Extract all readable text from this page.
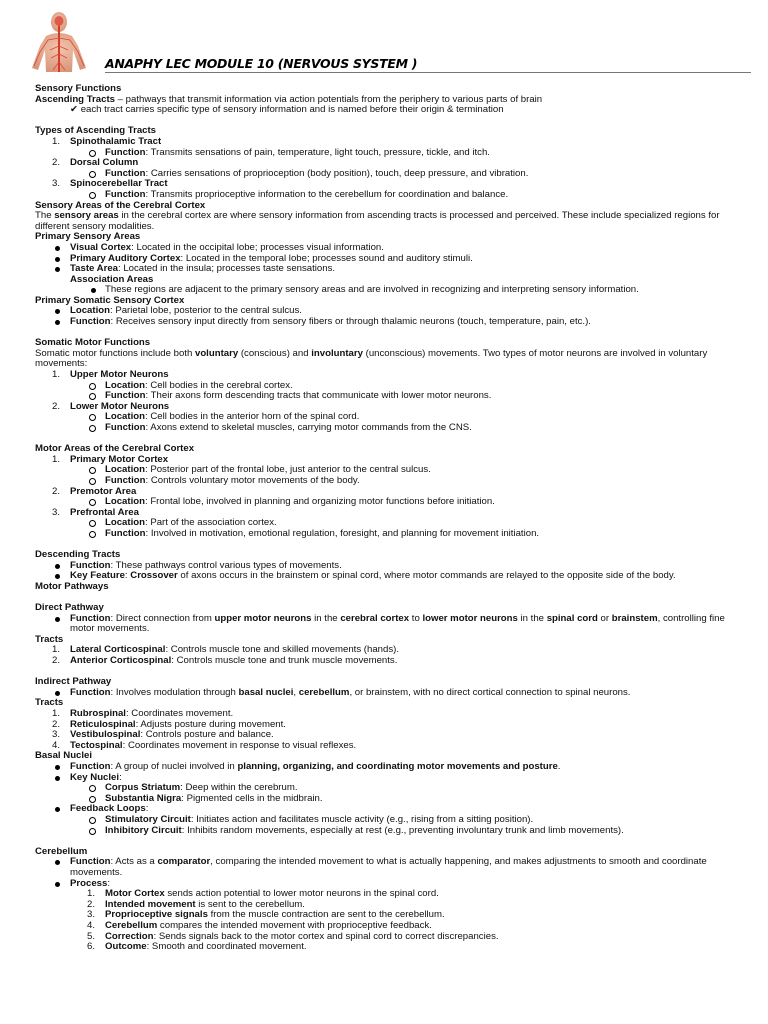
ANAPHY LEC MODULE 10 (NERVOUS SYSTEM )
Sensory Functions
Ascending Tracts – pathways that transmit information via action potentials from the periphery to various parts of brain
✔ each tract carries specific type of sensory information and is named before their origin & termination
Types of Ascending Tracts
1. Spinothalamic Tract
Function: Transmits sensations of pain, temperature, light touch, pressure, tickle, and itch.
2. Dorsal Column
Function: Carries sensations of proprioception (body position), touch, deep pressure, and vibration.
3. Spinocerebellar Tract
Function: Transmits proprioceptive information to the cerebellum for coordination and balance.
Sensory Areas of the Cerebral Cortex
The sensory areas in the cerebral cortex are where sensory information from ascending tracts is processed and perceived. These include specialized regions for different sensory modalities.
Primary Sensory Areas
Visual Cortex: Located in the occipital lobe; processes visual information.
Primary Auditory Cortex: Located in the temporal lobe; processes sound and auditory stimuli.
Taste Area: Located in the insula; processes taste sensations.
Association Areas
These regions are adjacent to the primary sensory areas and are involved in recognizing and interpreting sensory information.
Primary Somatic Sensory Cortex
Location: Parietal lobe, posterior to the central sulcus.
Function: Receives sensory input directly from sensory fibers or through thalamic neurons (touch, temperature, pain, etc.).
Somatic Motor Functions
Somatic motor functions include both voluntary (conscious) and involuntary (unconscious) movements. Two types of motor neurons are involved in voluntary movements:
1. Upper Motor Neurons
Location: Cell bodies in the cerebral cortex.
Function: Their axons form descending tracts that communicate with lower motor neurons.
2. Lower Motor Neurons
Location: Cell bodies in the anterior horn of the spinal cord.
Function: Axons extend to skeletal muscles, carrying motor commands from the CNS.
Motor Areas of the Cerebral Cortex
1. Primary Motor Cortex
Location: Posterior part of the frontal lobe, just anterior to the central sulcus.
Function: Controls voluntary motor movements of the body.
2. Premotor Area
Location: Frontal lobe, involved in planning and organizing motor functions before initiation.
3. Prefrontal Area
Location: Part of the association cortex.
Function: Involved in motivation, emotional regulation, foresight, and planning for movement initiation.
Descending Tracts
Function: These pathways control various types of movements.
Key Feature: Crossover of axons occurs in the brainstem or spinal cord, where motor commands are relayed to the opposite side of the body.
Motor Pathways
Direct Pathway
Function: Direct connection from upper motor neurons in the cerebral cortex to lower motor neurons in the spinal cord or brainstem, controlling fine motor movements.
Tracts
1. Lateral Corticospinal: Controls muscle tone and skilled movements (hands).
2. Anterior Corticospinal: Controls muscle tone and trunk muscle movements.
Indirect Pathway
Function: Involves modulation through basal nuclei, cerebellum, or brainstem, with no direct cortical connection to spinal neurons.
Tracts
1. Rubrospinal: Coordinates movement.
2. Reticulospinal: Adjusts posture during movement.
3. Vestibulospinal: Controls posture and balance.
4. Tectospinal: Coordinates movement in response to visual reflexes.
Basal Nuclei
Function: A group of nuclei involved in planning, organizing, and coordinating motor movements and posture.
Key Nuclei:
Corpus Striatum: Deep within the cerebrum.
Substantia Nigra: Pigmented cells in the midbrain.
Feedback Loops:
Stimulatory Circuit: Initiates action and facilitates muscle activity (e.g., rising from a sitting position).
Inhibitory Circuit: Inhibits random movements, especially at rest (e.g., preventing involuntary trunk and limb movements).
Cerebellum
Function: Acts as a comparator, comparing the intended movement to what is actually happening, and makes adjustments to smooth and coordinate movements.
Process:
1. Motor Cortex sends action potential to lower motor neurons in the spinal cord.
2. Intended movement is sent to the cerebellum.
3. Proprioceptive signals from the muscle contraction are sent to the cerebellum.
4. Cerebellum compares the intended movement with proprioceptive feedback.
5. Correction: Sends signals back to the motor cortex and spinal cord to correct discrepancies.
6. Outcome: Smooth and coordinated movement.
